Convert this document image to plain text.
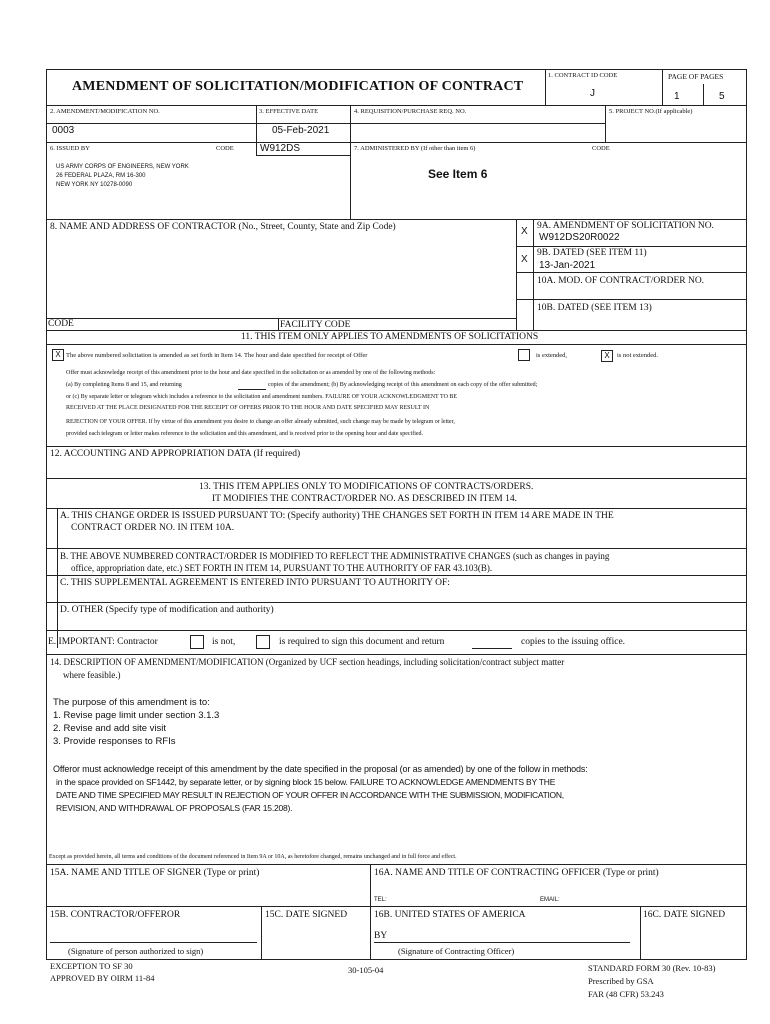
AMENDMENT OF SOLICITATION/MODIFICATION OF CONTRACT
1. CONTRACT ID CODE
J
PAGE OF PAGES
1	5
2. AMENDMENT/MODIFICATION NO.
0003
3. EFFECTIVE DATE
05-Feb-2021
4. REQUISITION/PURCHASE REQ. NO.	5. PROJECT NO.(If applicable)
6. ISSUED BY	CODE	W912DS
US ARMY CORPS OF ENGINEERS, NEW YORK
26 FEDERAL PLAZA, RM 16-300
NEW YORK NY 10278-0090
7. ADMINISTERED BY (If other than item 6)	CODE
See Item 6
8. NAME AND ADDRESS OF CONTRACTOR (No., Street, County, State and Zip Code)	X 9A. AMENDMENT OF SOLICITATION NO.
W912DS20R0022
X
9B. DATED (SEE ITEM 11)
13-Jan-2021
10A. MOD. OF CONTRACT/ORDER NO.
10B. DATED (SEE ITEM 13)
CODE	FACILITY CODE
11. THIS ITEM ONLY APPLIES TO AMENDMENTS OF SOLICITATIONS
X The above numbered solicitation is amended as set forth in Item 14. The hour and date specified for receipt of Offer	is extended,	X	is not extended.
Offer must acknowledge receipt of this amendment prior to the hour and date specified in the solicitation or as amended by one of the following methods:
(a) By completing Items 8 and 15, and returning	copies of the amendment; (b) By acknowledging receipt of this amendment on each copy of the offer submitted;
or (c) By separate letter or telegram which includes a reference to the solicitation and amendment numbers. FAILURE OF YOUR ACKNOWLEDGMENT TO BE
RECEIVED AT THE PLACE DESIGNATED FOR THE RECEIPT OF OFFERS PRIOR TO THE HOUR AND DATE SPECIFIED MAY RESULT IN
REJECTION OF YOUR OFFER. If by virtue of this amendment you desire to change an offer already submitted, such change may be made by telegram or letter,
provided each telegram or letter makes reference to the solicitation and this amendment, and is received prior to the opening hour and date specified.
12. ACCOUNTING AND APPROPRIATION DATA (If required)
13. THIS ITEM APPLIES ONLY TO MODIFICATIONS OF CONTRACTS/ORDERS.
IT MODIFIES THE CONTRACT/ORDER NO. AS DESCRIBED IN ITEM 14.
A. THIS CHANGE ORDER IS ISSUED PURSUANT TO: (Specify authority) THE CHANGES SET FORTH IN ITEM 14 ARE MADE IN THE
CONTRACT ORDER NO. IN ITEM 10A.
B. THE ABOVE NUMBERED CONTRACT/ORDER IS MODIFIED TO REFLECT THE ADMINISTRATIVE CHANGES (such as changes in paying
office, appropriation date, etc.) SET FORTH IN ITEM 14, PURSUANT TO THE AUTHORITY OF FAR 43.103(B).
C. THIS SUPPLEMENTAL AGREEMENT IS ENTERED INTO PURSUANT TO AUTHORITY OF:
D. OTHER (Specify type of modification and authority)
E. IMPORTANT: Contractor	is not,	is required to sign this document and return	copies to the issuing office.
14. DESCRIPTION OF AMENDMENT/MODIFICATION (Organized by UCF section headings, including solicitation/contract subject matter
where feasible.)
The purpose of this amendment is to:
1. Revise page limit under section 3.1.3
2. Revise and add site visit
3. Provide responses to RFIs
Offeror must acknowledge receipt of this amendment by the date specified in the proposal (or as amended) by one of the follow in methods:
in the space provided on SF1442, by separate letter, or by signing block 15 below. FAILURE TO ACKNOWLEDGE AMENDMENTS BY THE
DATE AND TIME SPECIFIED MAY RESULT IN REJECTION OF YOUR OFFER IN ACCORDANCE WITH THE SUBMISSION, MODIFICATION,
REVISION, AND WITHDRAWAL OF PROPOSALS (FAR 15.208).
Except as provided herein, all terms and conditions of the document referenced in Item 9A or 10A, as heretofore changed, remains unchanged and in full force and effect.
15A. NAME AND TITLE OF SIGNER (Type or print)	16A. NAME AND TITLE OF CONTRACTING OFFICER (Type or print)
TEL:	EMAIL:
15B. CONTRACTOR/OFFEROR	15C. DATE SIGNED	16B. UNITED STATES OF AMERICA	16C. DATE SIGNED
(Signature of person authorized to sign)
BY
(Signature of Contracting Officer)
EXCEPTION TO SF 30
APPROVED BY OIRM 11-84
30-105-04	STANDARD FORM 30 (Rev. 10-83)
Prescribed by GSA
FAR (48 CFR) 53.243
